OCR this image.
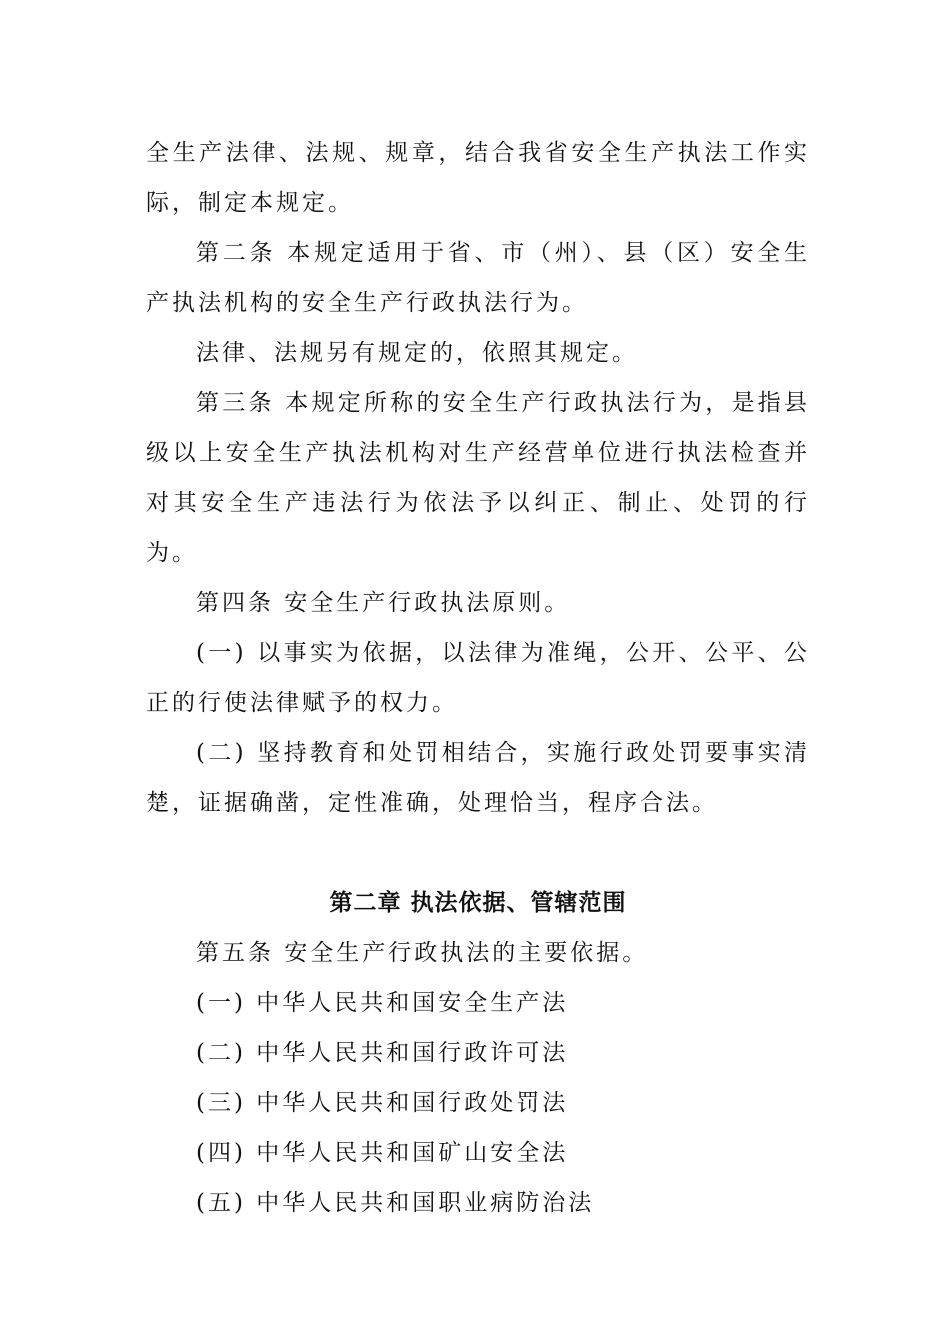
全生产法律、法规、规章，结合我省安全生产执法工作实际，制定本规定。

第二条 本规定适用于省、市（州）、县（区）安全生产执法机构的安全生产行政执法行为。

法律、法规另有规定的，依照其规定。

第三条 本规定所称的安全生产行政执法行为，是指县级以上安全生产执法机构对生产经营单位进行执法检查并对其安全生产违法行为依法予以纠正、制止、处罚的行为。

第四条 安全生产行政执法原则。

(一) 以事实为依据，以法律为准绳，公开、公平、公正的行使法律赋予的权力。

(二) 坚持教育和处罚相结合，实施行政处罚要事实清楚，证据确凿，定性准确，处理恰当，程序合法。

第二章 执法依据、管辖范围

第五条 安全生产行政执法的主要依据。

(一) 中华人民共和国安全生产法

(二) 中华人民共和国行政许可法

(三) 中华人民共和国行政处罚法

(四) 中华人民共和国矿山安全法

(五) 中华人民共和国职业病防治法
